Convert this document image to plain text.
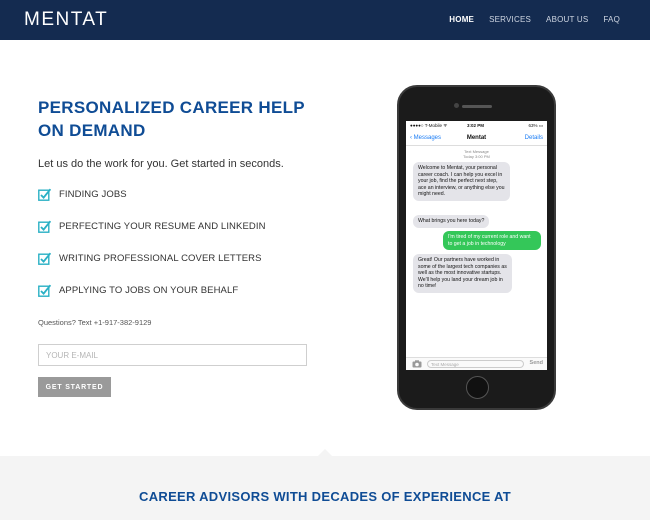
MENTAT	HOME SERVICES ABOUT US FAQ
PERSONALIZED CAREER HELP
ON DEMAND

Let us do the work for you. Get started in seconds.

FINDING JOBS
PERFECTING YOUR RESUME AND LINKEDIN
WRITING PROFESSIONAL COVER LETTERS
APPLYING TO JOBS ON YOUR BEHALF

Questions? Text +1-917-382-9129

YOUR E-MAIL
GET STARTED
●●●●○ T-Mobile ᯤ	3:02 PM	63% ▭
Mentat
‹ Messages	Details
Text Message
Today 3:00 PM
Welcome to Mentat, your personal career coach. I can help you excel in your job, find the perfect next step, ace an interview, or anything else you might need.
What brings you here today?
I'm tired of my current role and want to get a job in technology
Great! Our partners have worked in some of the largest tech companies as well as the most innovative startups. We'll help you land your dream job in no time!
Text Message	Send
CAREER ADVISORS WITH DECADES OF EXPERIENCE AT
